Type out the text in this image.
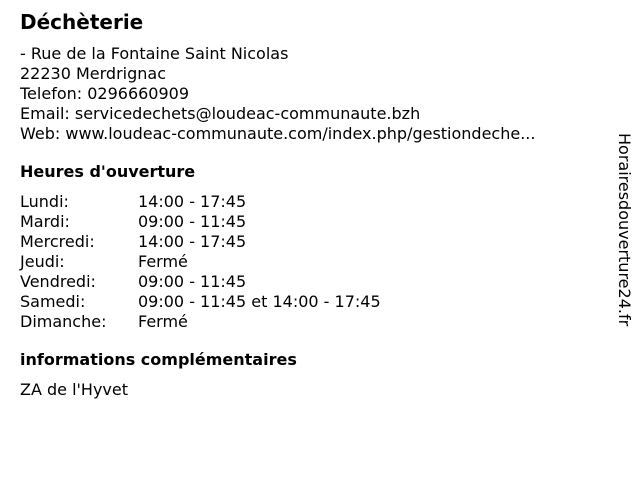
Déchèterie
- Rue de la Fontaine Saint Nicolas
22230 Merdrignac
Telefon: 0296660909
Email: servicedechets@loudeac-communaute.bzh
Web: www.loudeac-communaute.com/index.php/gestiondeche...
Heures d'ouverture
Lundi:	14:00 - 17:45
Mardi:	09:00 - 11:45
Mercredi:	14:00 - 17:45
Jeudi:	Fermé
Vendredi:	09:00 - 11:45
Samedi:	09:00 - 11:45 et 14:00 - 17:45
Dimanche:	Fermé
informations complémentaires
ZA de l'Hyvet
Horairesdouverture24.fr
